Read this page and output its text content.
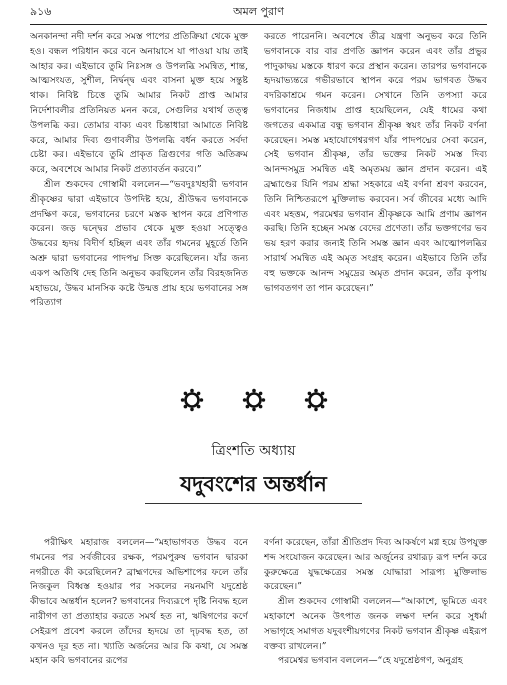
৯১৬	অমল পুরাণ

অনকানন্দা নদী দর্শন করে সমস্ত পাপের প্রতিক্রিয়া থেকে মুক্ত হও। বন্ধল পরিধান করে বনে অনায়াসে যা পাওয়া যায় তাই আহার কর। এইভাবে তুমি নিঃসঙ্গ ও উপলব্ধি সমন্বিত, শান্ত, আত্মসংযত, সুশীল, নির্দ্বন্দ্ব এবং বাসনা মুক্ত হয়ে সন্তুষ্ট থাক। নিবিষ্ট চিত্তে তুমি আমার নিকট প্রাপ্ত আমার নির্দেশাবলীর প্রতিনিয়ত মনন করে, সেগুলির যথার্থ তত্ত্ব উপলব্ধি কর। তোমার বাক্য এবং চিন্তাধারা আমাতে নিবিষ্ট করে, আমার দিব্য গুণাবলীর উপলব্ধি বর্ধন করতে সর্বদা চেষ্টা কর। এইভাবে তুমি প্রাকৃত ত্রিগুণের গতি অতিক্রম করে, অবশেষে আমার নিকট প্রত্যাবর্তন করবে।”

শ্রীল শুকদেব গোস্বামী বললেন—“ভবদুঃখহারী ভগবান শ্রীকৃষ্ণের দ্বারা এইভাবে উপদিষ্ট হয়ে, শ্রীউদ্ধব ভগবানকে প্রদক্ষিণ করে, ভগবানের চরণে মস্তক স্থাপন করে প্রণিপাত করেন। জড় দ্বন্দ্বের প্রভাব থেকে মুক্ত হওয়া সত্ত্বেও উদ্ধবের হৃদয় বিদীর্ণ হচ্ছিল এবং তাঁর গমনের মুহূর্তে তিনি অশ্রু দ্বারা ভগবানের পাদপদ্ম সিক্ত করেছিলেন। যাঁর জন্য একপ অতিথি দেহ তিনি অনুভব করছিলেন তাঁর বিরহজনিত মহাভয়ে, উদ্ধব মানসিক কষ্টে উন্মত্ত প্রায় হয়ে ভগবানের সঙ্গ পরিত্যাগ

করতে পারেননি। অবশেষে তীব্র যন্ত্রণা অনুভব করে তিনি ভগবানকে বার বার প্রণতি জ্ঞাপন করেন এবং তাঁর প্রভুর পাদুকাদ্বয় মস্তকে ধারণ করে প্রস্থান করেন। তারপর ভগবানকে হৃদয়াভ্যন্তরে গভীরভাবে স্থাপন করে পরম ভাগবত উদ্ধব বদরিকাশ্রমে গমন করেন। সেখানে তিনি তপস্যা করে ভগবানের নিজধাম প্রাপ্ত হয়েছিলেন, যেই ধামের কথা জগতের একমাত্র বন্ধু ভগবান শ্রীকৃষ্ণ স্বয়ং তাঁর নিকট বর্ণনা করেছেন। সমস্ত মহাযোগেশ্বরগণ যাঁর পাদপদ্মের সেবা করেন, সেই ভগবান শ্রীকৃষ্ণ, তাঁর ভক্তের নিকট সমস্ত দিব্য আনন্দসমুদ্র সমন্বিত এই অমৃতময় জ্ঞান প্রদান করেন। এই ব্রহ্মাণ্ডের যিনি পরম শ্রদ্ধা সহকারে এই বর্ণনা শ্রবণ করবেন, তিনি নিশ্চিতরূপে মুক্তিলাভ করবেন। সর্ব জীবের মধ্যে আদি এবং মহত্তম, পরমেশ্বর ভগবান শ্রীকৃষ্ণকে আমি প্রণাম জ্ঞাপন করছি। তিনি হচ্ছেন সমস্ত বেদের প্রণেতা। তাঁর ভক্তগণের ভব ভয় হরণ করার জন্যই তিনি সমস্ত জ্ঞান এবং আত্মোপলব্ধির সারার্থ সমন্বিত এই অমৃত সংগ্রহ করেন। এইভাবে তিনি তাঁর বহু ভক্তকে আনন্দ সমুদ্রের অমৃত প্রদান করেন, তাঁর কৃপায় ভাগবতগণ তা পান করেছেন।”

ত্রিংশতি অধ্যায়
যদুবংশের অন্তর্ধান

পরীক্ষিৎ মহারাজ বললেন—“মহাভাগবত উদ্ধব বনে গমনের পর সর্বজীবের রক্ষক, পরমপুরুষ ভগবান দ্বারকা নগরীতে কী করেছিলেন? ব্রাহ্মণদের অভিশাপের ফলে তাঁর নিজকুল বিধ্বস্ত হওয়ার পর সকলের নয়নমণি যদুশ্রেষ্ঠ কীভাবে অন্তর্ধান হলেন? ভগবানের দিব্যরূপে দৃষ্টি নিবদ্ধ হলে নারীগণ তা প্রত্যাহার করতে সমর্থ হত না, ঋষিগণের কর্ণে সেইরূপ প্রবেশ করলে তাঁদের হৃদয়ে তা দৃঢ়বদ্ধ হত, তা কখনও দূর হত না। খ্যাতি অর্জনের আর কি কথা, যে সমস্ত মহান কবি ভগবানের রূপের

বর্ণনা করেছেন, তাঁরা শ্রীতিপ্রদ দিব্য আকর্ষণে মগ্ন হয়ে উপযুক্ত শব্দ সংযোজন করেছেন। আর অর্জুনের রথারূঢ় রূপ দর্শন করে কুরুক্ষেত্রে যুদ্ধক্ষেত্রের সমস্ত যোদ্ধারা সারূপ্য মুক্তিলাভ করেছেন।”

শ্রীল শুকদেব গোস্বামী বললেন—“আকাশে, ভূমিতে এবং মহাকাশে অনেক উৎপাত জনক লক্ষণ দর্শন করে সুধর্মা সভাগৃহে সমাগত যদুবংশীয়গণের নিকট ভগবান শ্রীকৃষ্ণ এইরূপ বক্তব্য রাখলেন।”

পরমেশ্বর ভগবান বললেন—“হে যদুশ্রেষ্ঠগণ, অনুগ্রহ
